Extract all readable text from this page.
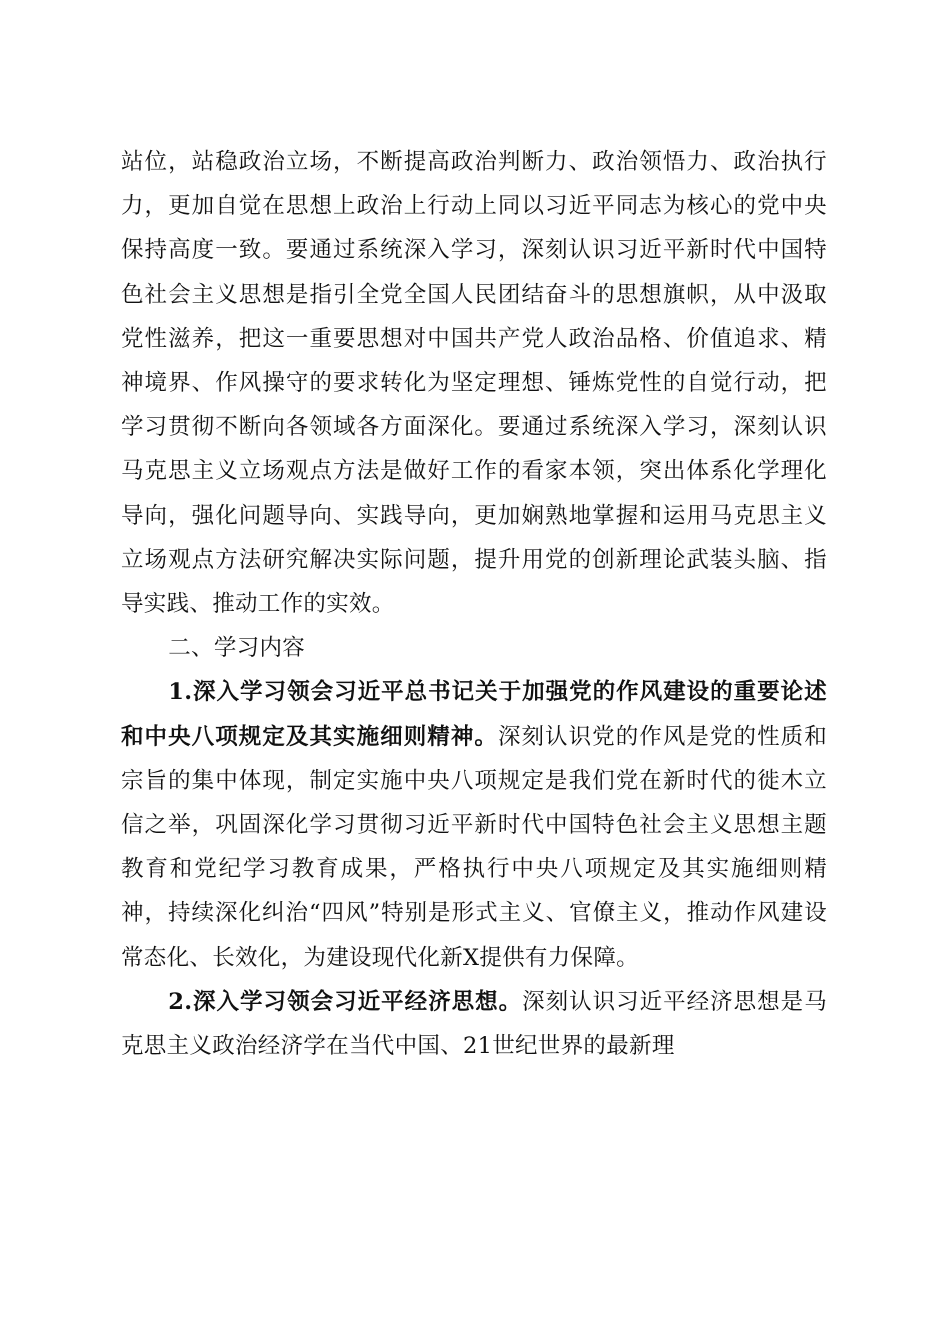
站位，站稳政治立场，不断提高政治判断力、政治领悟力、政治执行力，更加自觉在思想上政治上行动上同以习近平同志为核心的党中央保持高度一致。要通过系统深入学习，深刻认识习近平新时代中国特色社会主义思想是指引全党全国人民团结奋斗的思想旗帜，从中汲取党性滋养，把这一重要思想对中国共产党人政治品格、价值追求、精神境界、作风操守的要求转化为坚定理想、锤炼党性的自觉行动，把学习贯彻不断向各领域各方面深化。要通过系统深入学习，深刻认识马克思主义立场观点方法是做好工作的看家本领，突出体系化学理化导向，强化问题导向、实践导向，更加娴熟地掌握和运用马克思主义立场观点方法研究解决实际问题，提升用党的创新理论武装头脑、指导实践、推动工作的实效。

二、学习内容

1.深入学习领会习近平总书记关于加强党的作风建设的重要论述和中央八项规定及其实施细则精神。深刻认识党的作风是党的性质和宗旨的集中体现，制定实施中央八项规定是我们党在新时代的徙木立信之举，巩固深化学习贯彻习近平新时代中国特色社会主义思想主题教育和党纪学习教育成果，严格执行中央八项规定及其实施细则精神，持续深化纠治“四风”特别是形式主义、官僚主义，推动作风建设常态化、长效化，为建设现代化新X提供有力保障。

2.深入学习领会习近平经济思想。深刻认识习近平经济思想是马克思主义政治经济学在当代中国、21世纪世界的最新理
